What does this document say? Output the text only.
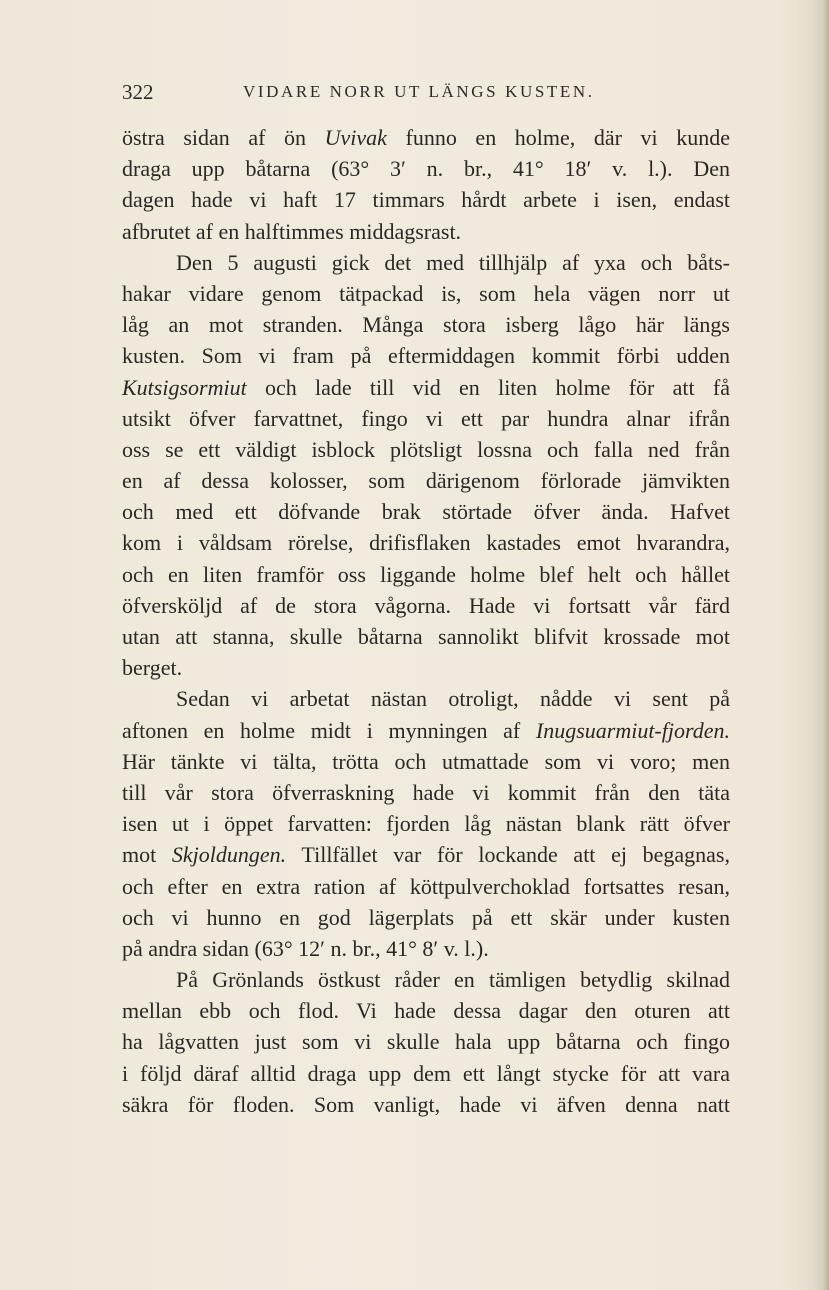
322	VIDARE NORR UT LÄNGS KUSTEN.
östra sidan af ön Uvivak funno en holme, där vi kunde
draga upp båtarna (63° 3′ n. br., 41° 18′ v. l.). Den
dagen hade vi haft 17 timmars hårdt arbete i isen, endast
afbrutet af en halftimmes middagsrast.
Den 5 augusti gick det med tillhjälp af yxa och båts-
hakar vidare genom tätpackad is, som hela vägen norr ut
låg an mot stranden. Många stora isberg lågo här längs
kusten. Som vi fram på eftermiddagen kommit förbi udden
Kutsigsormiut och lade till vid en liten holme för att få
utsikt öfver farvattnet, fingo vi ett par hundra alnar ifrån
oss se ett väldigt isblock plötsligt lossna och falla ned från
en af dessa kolosser, som därigenom förlorade jämvikten
och med ett döfvande brak störtade öfver ända. Hafvet
kom i våldsam rörelse, drifisflaken kastades emot hvarandra,
och en liten framför oss liggande holme blef helt och hållet
öfversköljd af de stora vågorna. Hade vi fortsatt vår färd
utan att stanna, skulle båtarna sannolikt blifvit krossade mot
berget.
Sedan vi arbetat nästan otroligt, nådde vi sent på
aftonen en holme midt i mynningen af Inugsuarmiut-fjorden.
Här tänkte vi tälta, trötta och utmattade som vi voro; men
till vår stora öfverraskning hade vi kommit från den täta
isen ut i öppet farvatten: fjorden låg nästan blank rätt öfver
mot Skjoldungen. Tillfället var för lockande att ej begagnas,
och efter en extra ration af köttpulverchoklad fortsattes resan,
och vi hunno en god lägerplats på ett skär under kusten
på andra sidan (63° 12′ n. br., 41° 8′ v. l.).
På Grönlands östkust råder en tämligen betydlig skilnad
mellan ebb och flod. Vi hade dessa dagar den oturen att
ha lågvatten just som vi skulle hala upp båtarna och fingo
i följd däraf alltid draga upp dem ett långt stycke för att vara
säkra för floden. Som vanligt, hade vi äfven denna natt
